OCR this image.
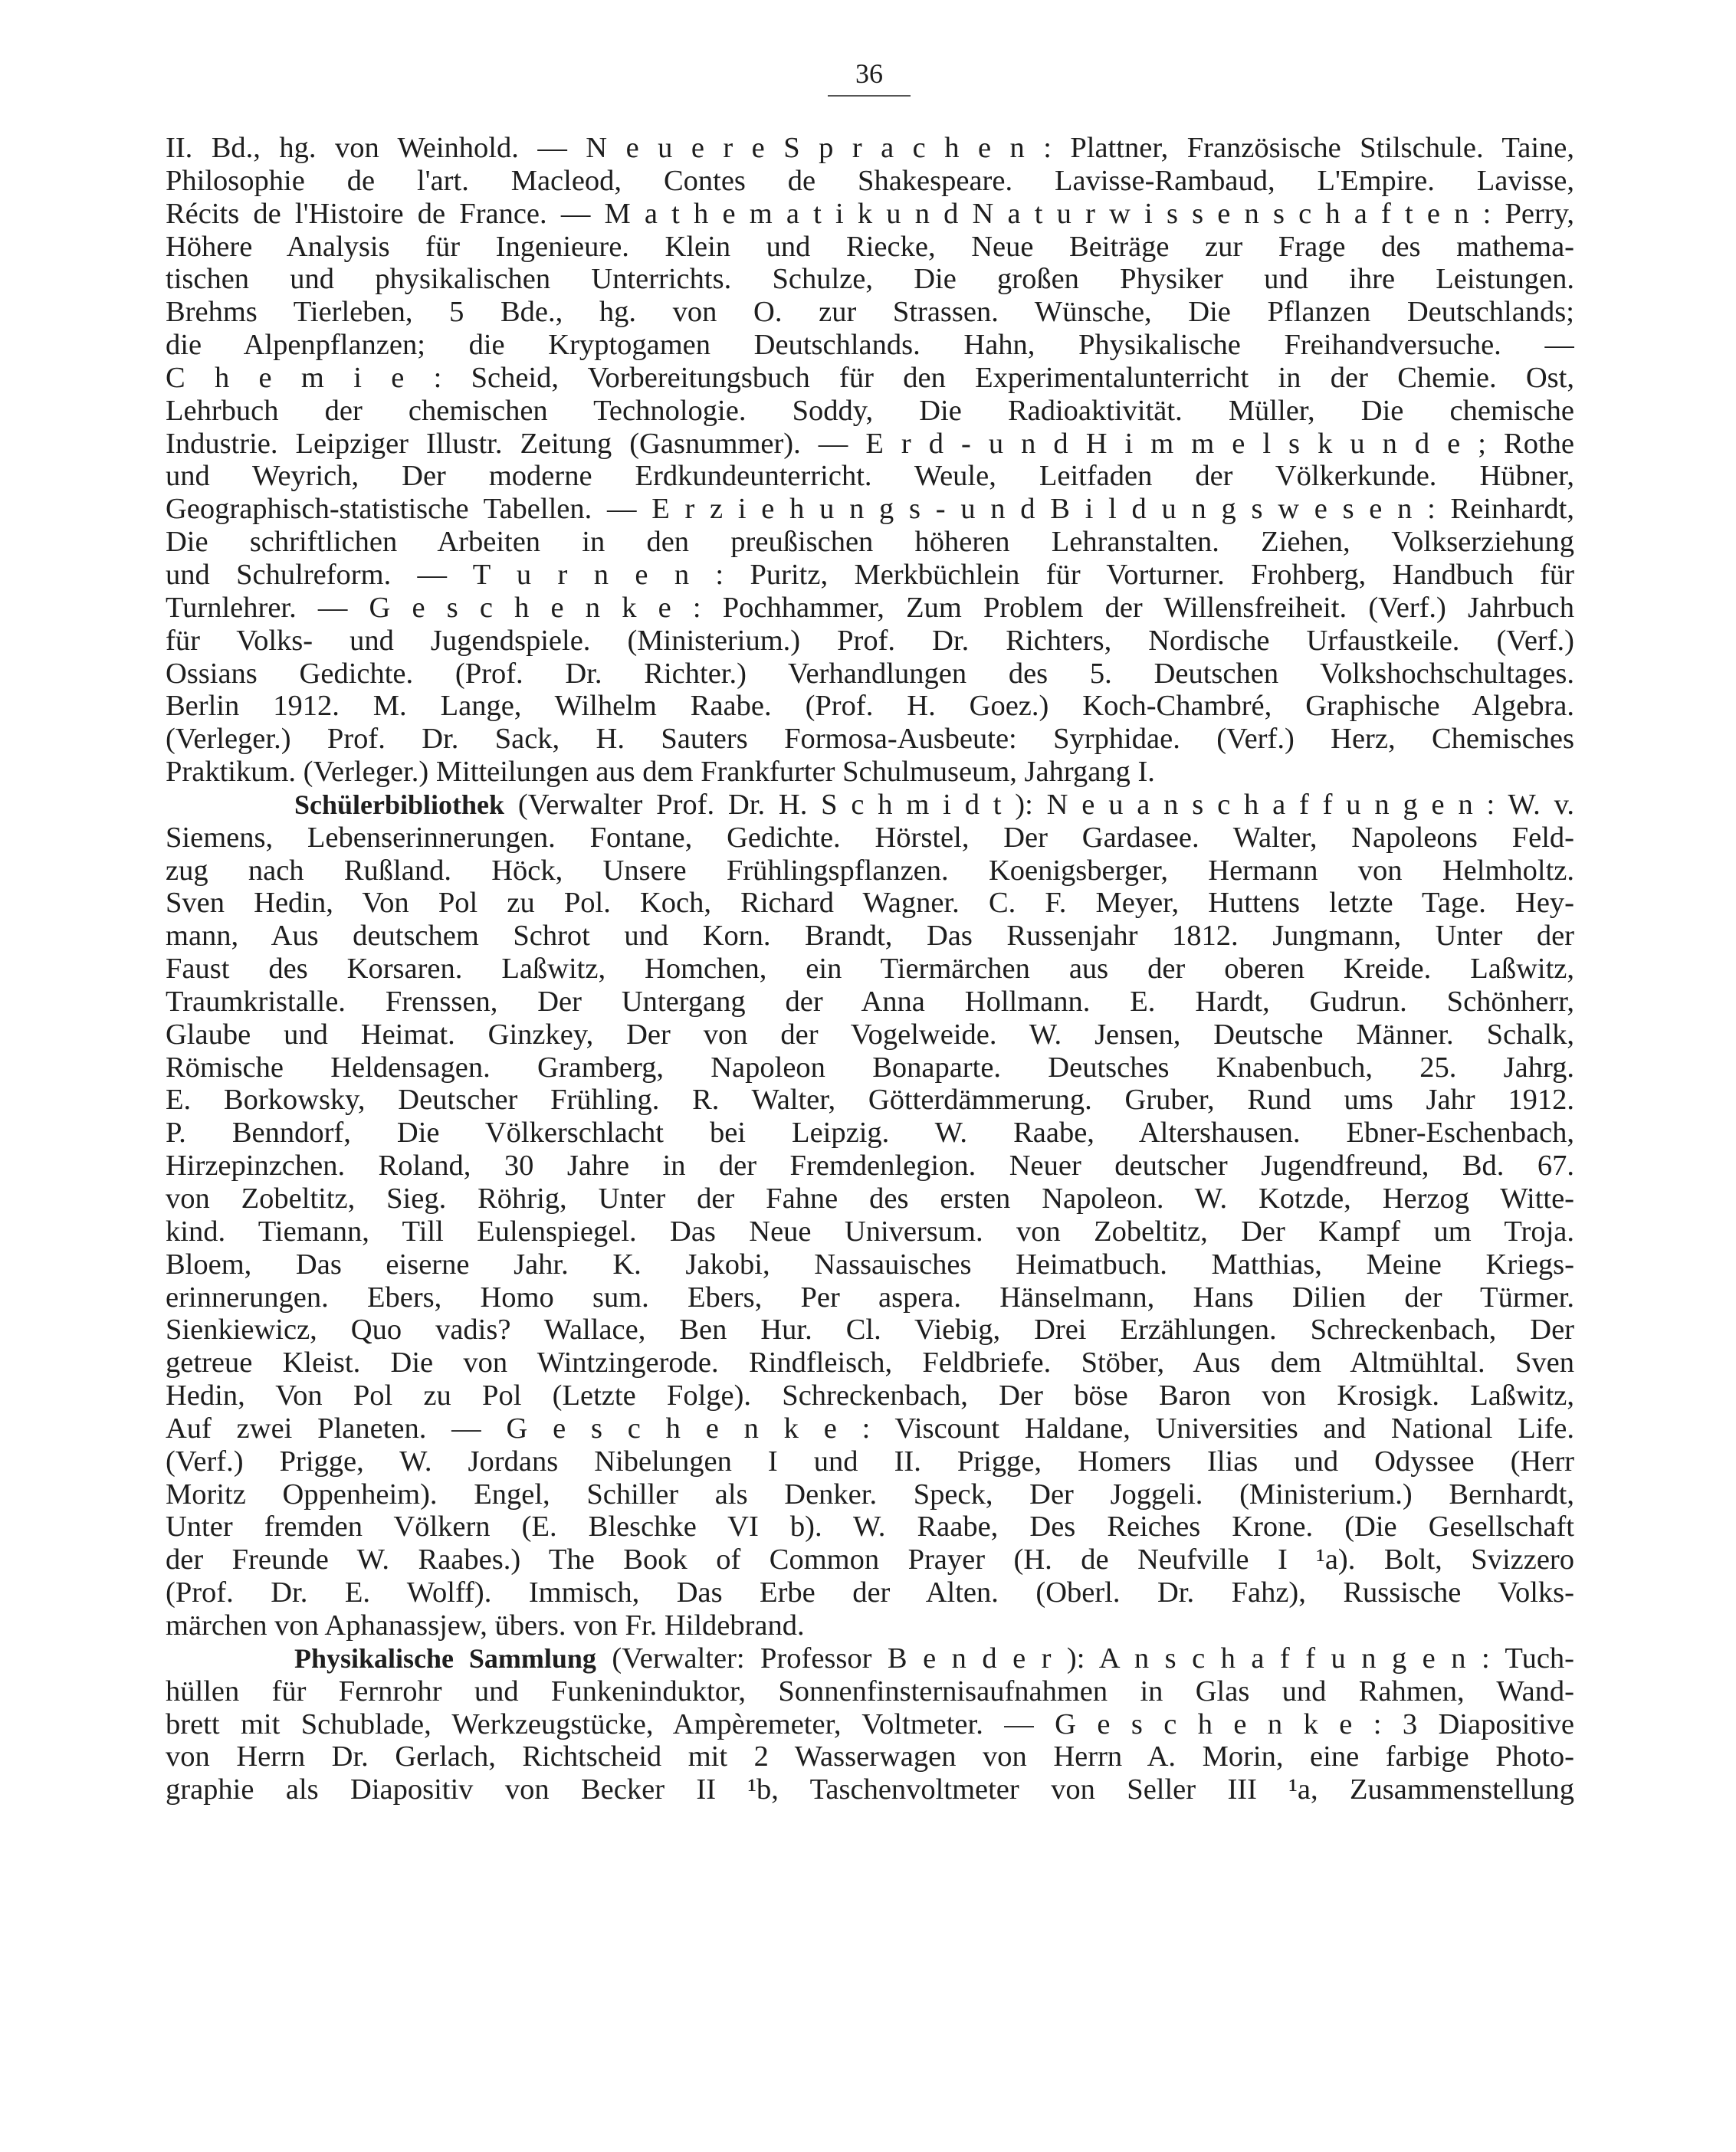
36
II. Bd., hg. von Weinhold. — N e u e r e S p r a c h e n : Plattner, Französische Stilschule. Taine,
Philosophie de l'art. Macleod, Contes de Shakespeare. Lavisse-Rambaud, L'Empire. Lavisse,
Récits de l'Histoire de France. — M a t h e m a t i k u n d N a t u r w i s s e n s c h a f t e n : Perry,
Höhere Analysis für Ingenieure. Klein und Riecke, Neue Beiträge zur Frage des mathema-
tischen und physikalischen Unterrichts. Schulze, Die großen Physiker und ihre Leistungen.
Brehms Tierleben, 5 Bde., hg. von O. zur Strassen. Wünsche, Die Pflanzen Deutschlands;
die Alpenpflanzen; die Kryptogamen Deutschlands. Hahn, Physikalische Freihandversuche. —
C h e m i e : Scheid, Vorbereitungsbuch für den Experimentalunterricht in der Chemie. Ost,
Lehrbuch der chemischen Technologie. Soddy, Die Radioaktivität. Müller, Die chemische
Industrie. Leipziger Illustr. Zeitung (Gasnummer). — E r d - u n d H i m m e l s k u n d e ; Rothe
und Weyrich, Der moderne Erdkundeunterricht. Weule, Leitfaden der Völkerkunde. Hübner,
Geographisch-statistische Tabellen. — E r z i e h u n g s - u n d B i l d u n g s w e s e n : Reinhardt,
Die schriftlichen Arbeiten in den preußischen höheren Lehranstalten. Ziehen, Volkserziehung
und Schulreform. — T u r n e n : Puritz, Merkbüchlein für Vorturner. Frohberg, Handbuch für
Turnlehrer. — G e s c h e n k e : Pochhammer, Zum Problem der Willensfreiheit. (Verf.) Jahrbuch
für Volks- und Jugendspiele. (Ministerium.) Prof. Dr. Richters, Nordische Urfaustkeile. (Verf.)
Ossians Gedichte. (Prof. Dr. Richter.) Verhandlungen des 5. Deutschen Volkshochschultages.
Berlin 1912. M. Lange, Wilhelm Raabe. (Prof. H. Goez.) Koch-Chambré, Graphische Algebra.
(Verleger.) Prof. Dr. Sack, H. Sauters Formosa-Ausbeute: Syrphidae. (Verf.) Herz, Chemisches
Praktikum. (Verleger.) Mitteilungen aus dem Frankfurter Schulmuseum, Jahrgang I.
Schülerbibliothek (Verwalter Prof. Dr. H. S c h m i d t ): N e u a n s c h a f f u n g e n : W. v.
Siemens, Lebenserinnerungen. Fontane, Gedichte. Hörstel, Der Gardasee. Walter, Napoleons Feld-
zug nach Rußland. Höck, Unsere Frühlingspflanzen. Koenigsberger, Hermann von Helmholtz.
Sven Hedin, Von Pol zu Pol. Koch, Richard Wagner. C. F. Meyer, Huttens letzte Tage. Hey-
mann, Aus deutschem Schrot und Korn. Brandt, Das Russenjahr 1812. Jungmann, Unter der
Faust des Korsaren. Laßwitz, Homchen, ein Tiermärchen aus der oberen Kreide. Laßwitz,
Traumkristalle. Frenssen, Der Untergang der Anna Hollmann. E. Hardt, Gudrun. Schönherr,
Glaube und Heimat. Ginzkey, Der von der Vogelweide. W. Jensen, Deutsche Männer. Schalk,
Römische Heldensagen. Gramberg, Napoleon Bonaparte. Deutsches Knabenbuch, 25. Jahrg.
E. Borkowsky, Deutscher Frühling. R. Walter, Götterdämmerung. Gruber, Rund ums Jahr 1912.
P. Benndorf, Die Völkerschlacht bei Leipzig. W. Raabe, Altershausen. Ebner-Eschenbach,
Hirzepinzchen. Roland, 30 Jahre in der Fremdenlegion. Neuer deutscher Jugendfreund, Bd. 67.
von Zobeltitz, Sieg. Röhrig, Unter der Fahne des ersten Napoleon. W. Kotzde, Herzog Witte-
kind. Tiemann, Till Eulenspiegel. Das Neue Universum. von Zobeltitz, Der Kampf um Troja.
Bloem, Das eiserne Jahr. K. Jakobi, Nassauisches Heimatbuch. Matthias, Meine Kriegs-
erinnerungen. Ebers, Homo sum. Ebers, Per aspera. Hänselmann, Hans Dilien der Türmer.
Sienkiewicz, Quo vadis? Wallace, Ben Hur. Cl. Viebig, Drei Erzählungen. Schreckenbach, Der
getreue Kleist. Die von Wintzingerode. Rindfleisch, Feldbriefe. Stöber, Aus dem Altmühltal. Sven
Hedin, Von Pol zu Pol (Letzte Folge). Schreckenbach, Der böse Baron von Krosigk. Laßwitz,
Auf zwei Planeten. — G e s c h e n k e : Viscount Haldane, Universities and National Life.
(Verf.) Prigge, W. Jordans Nibelungen I und II. Prigge, Homers Ilias und Odyssee (Herr
Moritz Oppenheim). Engel, Schiller als Denker. Speck, Der Joggeli. (Ministerium.) Bernhardt,
Unter fremden Völkern (E. Bleschke VI b). W. Raabe, Des Reiches Krone. (Die Gesellschaft
der Freunde W. Raabes.) The Book of Common Prayer (H. de Neufville I ¹a). Bolt, Svizzero
(Prof. Dr. E. Wolff). Immisch, Das Erbe der Alten. (Oberl. Dr. Fahz), Russische Volks-
märchen von Aphanassjew, übers. von Fr. Hildebrand.
Physikalische Sammlung (Verwalter: Professor B e n d e r ): A n s c h a f f u n g e n : Tuch-
hüllen für Fernrohr und Funkeninduktor, Sonnenfinsternisaufnahmen in Glas und Rahmen, Wand-
brett mit Schublade, Werkzeugstücke, Ampèremeter, Voltmeter. — G e s c h e n k e : 3 Diapositive
von Herrn Dr. Gerlach, Richtscheid mit 2 Wasserwagen von Herrn A. Morin, eine farbige Photo-
graphie als Diapositiv von Becker II ¹b, Taschenvoltmeter von Seller III ¹a, Zusammenstellung
